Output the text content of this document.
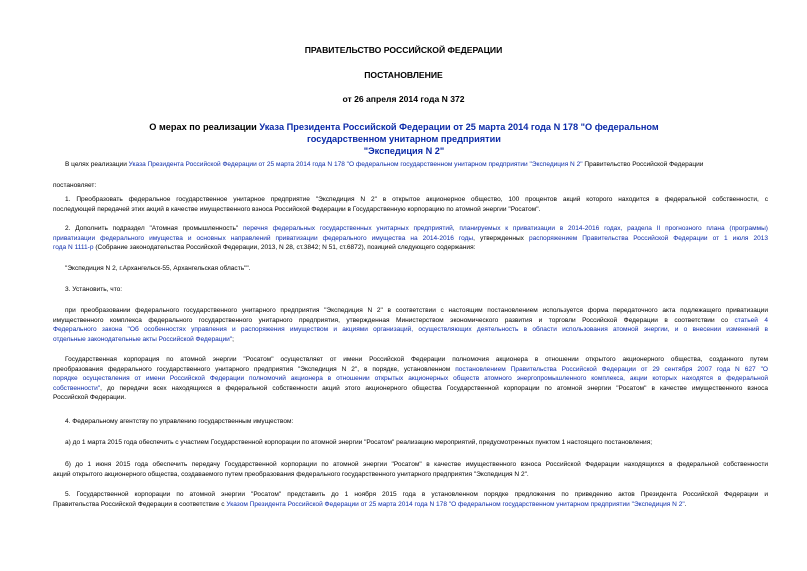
ПРАВИТЕЛЬСТВО РОССИЙСКОЙ ФЕДЕРАЦИИ
ПОСТАНОВЛЕНИЕ
от 26 апреля 2014 года N 372
О мерах по реализации Указа Президента Российской Федерации от 25 марта 2014 года N 178 "О федеральном государственном унитарном предприятии
"Экспедиция N 2"
В целях реализации Указа Президента Российской Федерации от 25 марта 2014 года N 178 "О федеральном государственном унитарном предприятии "Экспедиция N 2" Правительство Российской Федерации
постановляет:
1. Преобразовать федеральное государственное унитарное предприятие "Экспедиция N 2" в открытое акционерное общество, 100 процентов акций которого находится в федеральной собственности, с
последующей передачей этих акций в качестве имущественного взноса Российской Федерации в Государственную корпорацию по атомной энергии "Росатом".
2. Дополнить подраздел "Атомная промышленность" перечня федеральных государственных унитарных предприятий, планируемых к приватизации в 2014-2016 годах, раздела II прогнозного плана (программы)
приватизации федерального имущества и основных направлений приватизации федерального имущества на 2014-2016 годы, утвержденных распоряжением Правительства Российской Федерации от 1 июля 2013
года N 1111-р (Собрание законодательства Российской Федерации, 2013, N 28, ст.3842; N 51, ст.6872), позицией следующего содержания:
"Экспедиция N 2, г.Архангельск-55, Архангельская область"".
3. Установить, что:
при преобразовании федерального государственного унитарного предприятия "Экспедиция N 2" в соответствии с настоящим постановлением используется форма передаточного акта подлежащего приватизации
имущественного комплекса федерального государственного унитарного предприятия, утвержденная Министерством экономического развития и торговли Российской Федерации в соответствии со статьей 4
Федерального закона "Об особенностях управления и распоряжения имуществом и акциями организаций, осуществляющих деятельность в области использования атомной энергии, и о внесении изменений в
отдельные законодательные акты Российской Федерации";
Государственная корпорация по атомной энергии "Росатом" осуществляет от имени Российской Федерации полномочия акционера в отношении открытого акционерного общества, созданного путем
преобразования федерального государственного унитарного предприятия "Экспедиция N 2", в порядке, установленном постановлением Правительства Российской Федерации от 29 сентября 2007 года N 627 "О
порядке осуществления от имени Российской Федерации полномочий акционера в отношении открытых акционерных обществ атомного энергопромышленного комплекса, акции которых находятся в федеральной
собственности", до передачи всех находящихся в федеральной собственности акций этого акционерного общества Государственной корпорации по атомной энергии "Росатом" в качестве имущественного взноса
Российской Федерации.
4. Федеральному агентству по управлению государственным имуществом:
а) до 1 марта 2015 года обеспечить с участием Государственной корпорации по атомной энергии "Росатом" реализацию мероприятий, предусмотренных пунктом 1 настоящего постановления;
б) до 1 июня 2015 года обеспечить передачу Государственной корпорации по атомной энергии "Росатом" в качестве имущественного взноса Российской Федерации находящихся в федеральной собственности
акций открытого акционерного общества, создаваемого путем преобразования федерального государственного унитарного предприятия "Экспедиция N 2".
5. Государственной корпорации по атомной энергии "Росатом" представить до 1 ноября 2015 года в установленном порядке предложения по приведению актов Президента Российской Федерации и
Правительства Российской Федерации в соответствие с Указом Президента Российской Федерации от 25 марта 2014 года N 178 "О федеральном государственном унитарном предприятии "Экспедиция N 2".
